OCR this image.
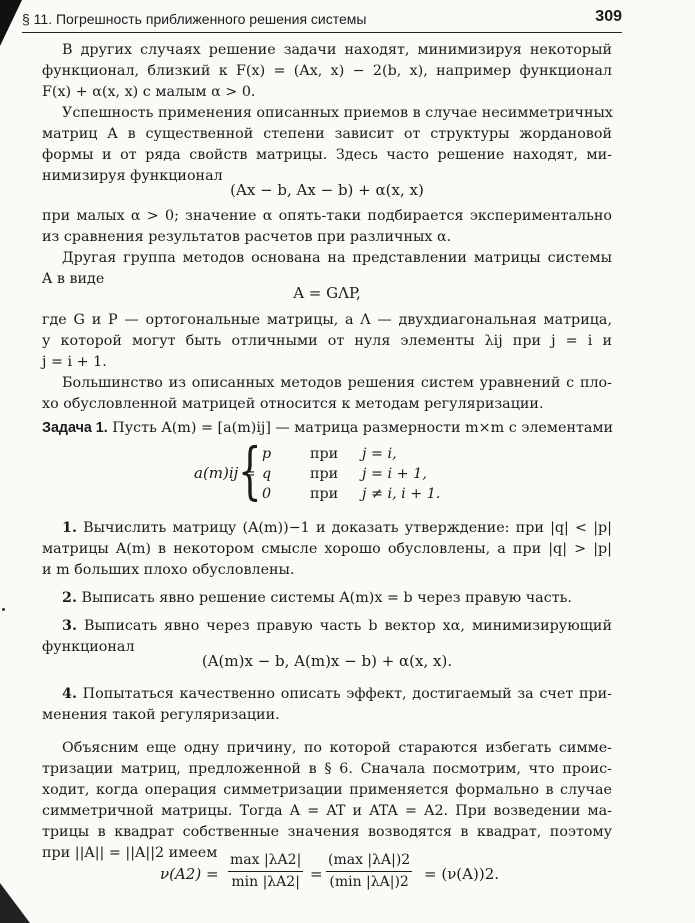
§ 11. Погрешность приближенного решения системы	309
В других случаях решение задачи находят, минимизируя некоторый
функционал, близкий к F(x) = (Ax, x) − 2(b, x), например функционал
F(x) + α(x, x) с малым α > 0.
Успешность применения описанных приемов в случае несимметричных
матриц A в существенной степени зависит от структуры жордановой
формы и от ряда свойств матрицы. Здесь часто решение находят, ми-
нимизируя функционал
(Ax − b, Ax − b) + α(x, x)
при малых α > 0; значение α опять-таки подбирается экспериментально
из сравнения результатов расчетов при различных α.
Другая группа методов основана на представлении матрицы системы
A в виде
A = GΛP,
где G и P — ортогональные матрицы, а Λ — двухдиагональная матрица,
у которой могут быть отличными от нуля элементы λij при j = i и
j = i + 1.
Большинство из описанных методов решения систем уравнений с пло-
хо обусловленной матрицей относится к методам регуляризации.
Задача 1. Пусть A(m) = [a(m)ij] — матрица размерности m×m с элементами
a(m)ij =
{ p	при j = i,
q	при j = i + 1,
0	при j ≠ i, i + 1.
1. Вычислить матрицу (A(m))−1 и доказать утверждение: при |q| < |p|
матрицы A(m) в некотором смысле хорошо обусловлены, а при |q| > |p|
и m больших плохо обусловлены.
2. Выписать явно решение системы A(m)x = b через правую часть.
3. Выписать явно через правую часть b вектор xα, минимизирующий
функционал
(A(m)x − b, A(m)x − b) + α(x, x).
4. Попытаться качественно описать эффект, достигаемый за счет при-
менения такой регуляризации.
Объясним еще одну причину, по которой стараются избегать симме-
тризации матриц, предложенной в § 6. Сначала посмотрим, что проис-
ходит, когда операция симметризации применяется формально в случае
симметричной матрицы. Тогда A = AT и ATA = A2. При возведении ма-
трицы в квадрат собственные значения возводятся в квадрат, поэтому
при ||A|| = ||A||2 имеем
ν(A2) =
max |λA2|
min |λA2| =
(max |λA|)2
(min |λA|)2 = (ν(A))2.
